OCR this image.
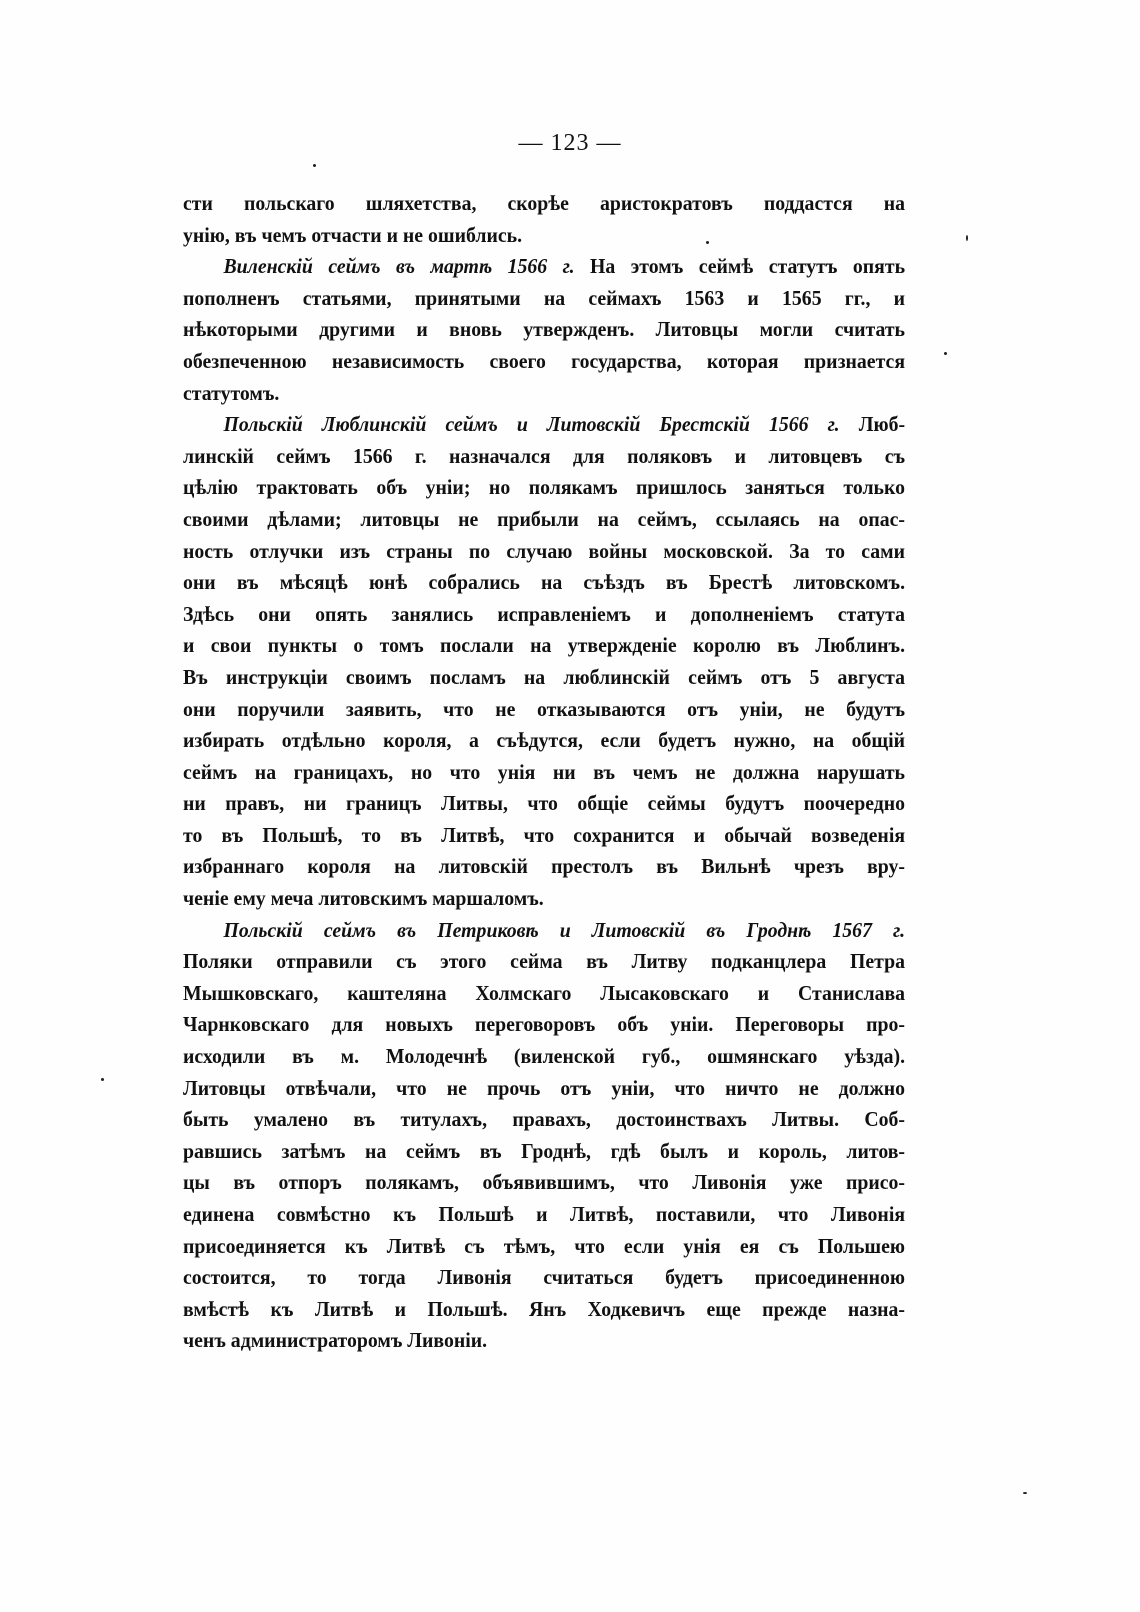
— 123 —
сти польскаго шляхетства, скорѣе аристократовъ поддастся на
унію, въ чемъ отчасти и не ошиблись.
Виленскій сеймъ въ мартѣ 1566 г. На этомъ сеймѣ статутъ опять
пополненъ статьями, принятыми на сеймахъ 1563 и 1565 гг., и
нѣкоторыми другими и вновь утвержденъ. Литовцы могли считать
обезпеченною независимость своего государства, которая признается
статутомъ.
Польскій Люблинскій сеймъ и Литовскій Брестскій 1566 г. Люб-
линскій сеймъ 1566 г. назначался для поляковъ и литовцевъ съ
цѣлію трактовать объ уніи; но полякамъ пришлось заняться только
своими дѣлами; литовцы не прибыли на сеймъ, ссылаясь на опас-
ность отлучки изъ страны по случаю войны московской. За то сами
они въ мѣсяцѣ юнѣ собрались на съѣздъ въ Брестѣ литовскомъ.
Здѣсь они опять занялись исправленіемъ и дополненіемъ статута
и свои пункты о томъ послали на утвержденіе королю въ Люблинъ.
Въ инструкціи своимъ посламъ на люблинскій сеймъ отъ 5 августа
они поручили заявить, что не отказываются отъ уніи, не будутъ
избирать отдѣльно короля, а съѣдутся, если будетъ нужно, на общій
сеймъ на границахъ, но что унія ни въ чемъ не должна нарушать
ни правъ, ни границъ Литвы, что общіе сеймы будутъ поочередно
то въ Польшѣ, то въ Литвѣ, что сохранится и обычай возведенія
избраннаго короля на литовскій престолъ въ Вильнѣ чрезъ вру-
ченіе ему меча литовскимъ маршаломъ.
Польскій сеймъ въ Петриковѣ и Литовскій въ Гроднѣ 1567 г.
Поляки отправили съ этого сейма въ Литву подканцлера Петра
Мышковскаго, каштеляна Холмскаго Лысаковскаго и Станислава
Чарнковскаго для новыхъ переговоровъ объ уніи. Переговоры про-
исходили въ м. Молодечнѣ (виленской губ., ошмянскаго уѣзда).
Литовцы отвѣчали, что не прочь отъ уніи, что ничто не должно
быть умалено въ титулахъ, правахъ, достоинствахъ Литвы. Соб-
равшись затѣмъ на сеймъ въ Гроднѣ, гдѣ былъ и король, литов-
цы въ отпоръ полякамъ, объявившимъ, что Ливонія уже присо-
единена совмѣстно къ Польшѣ и Литвѣ, поставили, что Ливонія
присоединяется къ Литвѣ съ тѣмъ, что если унія ея съ Польшею
состоится, то тогда Ливонія считаться будетъ присоединенною
вмѣстѣ къ Литвѣ и Польшѣ. Янъ Ходкевичъ еще прежде назна-
ченъ администраторомъ Ливоніи.
